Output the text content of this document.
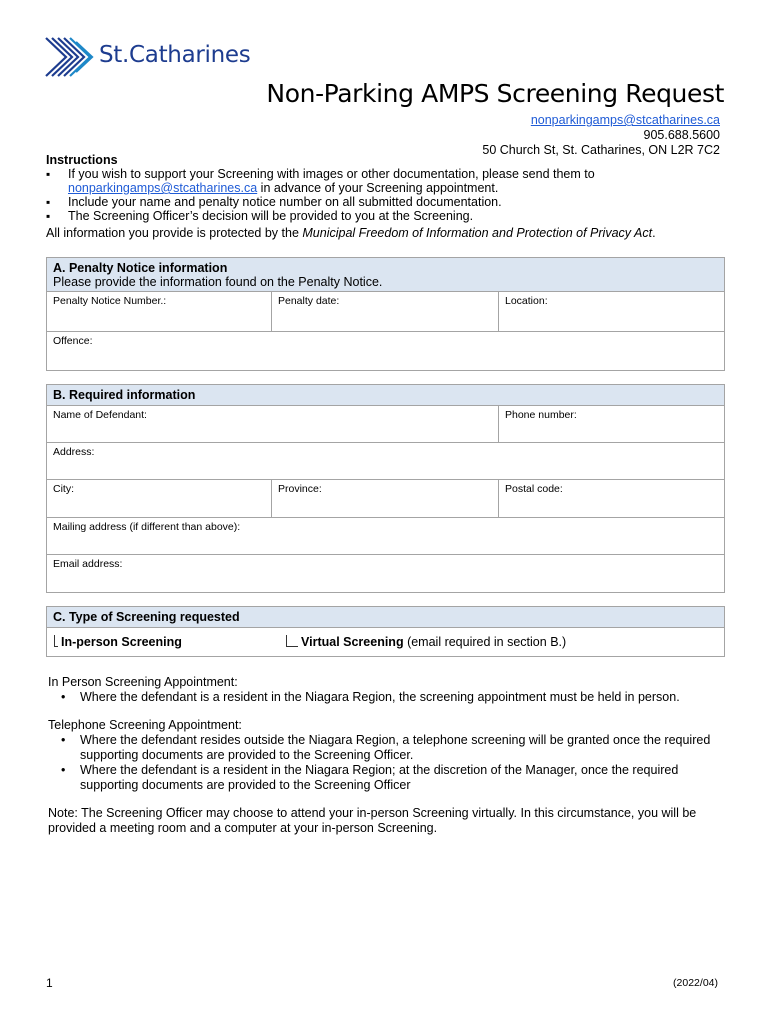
St.Catharines
Non-Parking AMPS Screening Request
nonparkingamps@stcatharines.ca
905.688.5600
50 Church St, St. Catharines, ON L2R 7C2
Instructions
▪ If you wish to support your Screening with images or other documentation, please send them to
nonparkingamps@stcatharines.ca in advance of your Screening appointment.
▪ Include your name and penalty notice number on all submitted documentation.
▪ The Screening Officer’s decision will be provided to you at the Screening.
All information you provide is protected by the Municipal Freedom of Information and Protection of Privacy Act.
A. Penalty Notice information
Please provide the information found on the Penalty Notice.
Penalty Notice Number.:	Penalty date:	Location:
Offence:
B. Required information
Name of Defendant:	Phone number:
Address:
City:	Province:	Postal code:
Mailing address (if different than above):
Email address:
C. Type of Screening requested
In-person Screening	Virtual Screening (email required in section B.)
In Person Screening Appointment:
• Where the defendant is a resident in the Niagara Region, the screening appointment must be held in person.
Telephone Screening Appointment:
• Where the defendant resides outside the Niagara Region, a telephone screening will be granted once the required supporting documents are provided to the Screening Officer.
• Where the defendant is a resident in the Niagara Region; at the discretion of the Manager, once the required supporting documents are provided to the Screening Officer
Note: The Screening Officer may choose to attend your in-person Screening virtually. In this circumstance, you will be provided a meeting room and a computer at your in-person Screening.
1	(2022/04)
